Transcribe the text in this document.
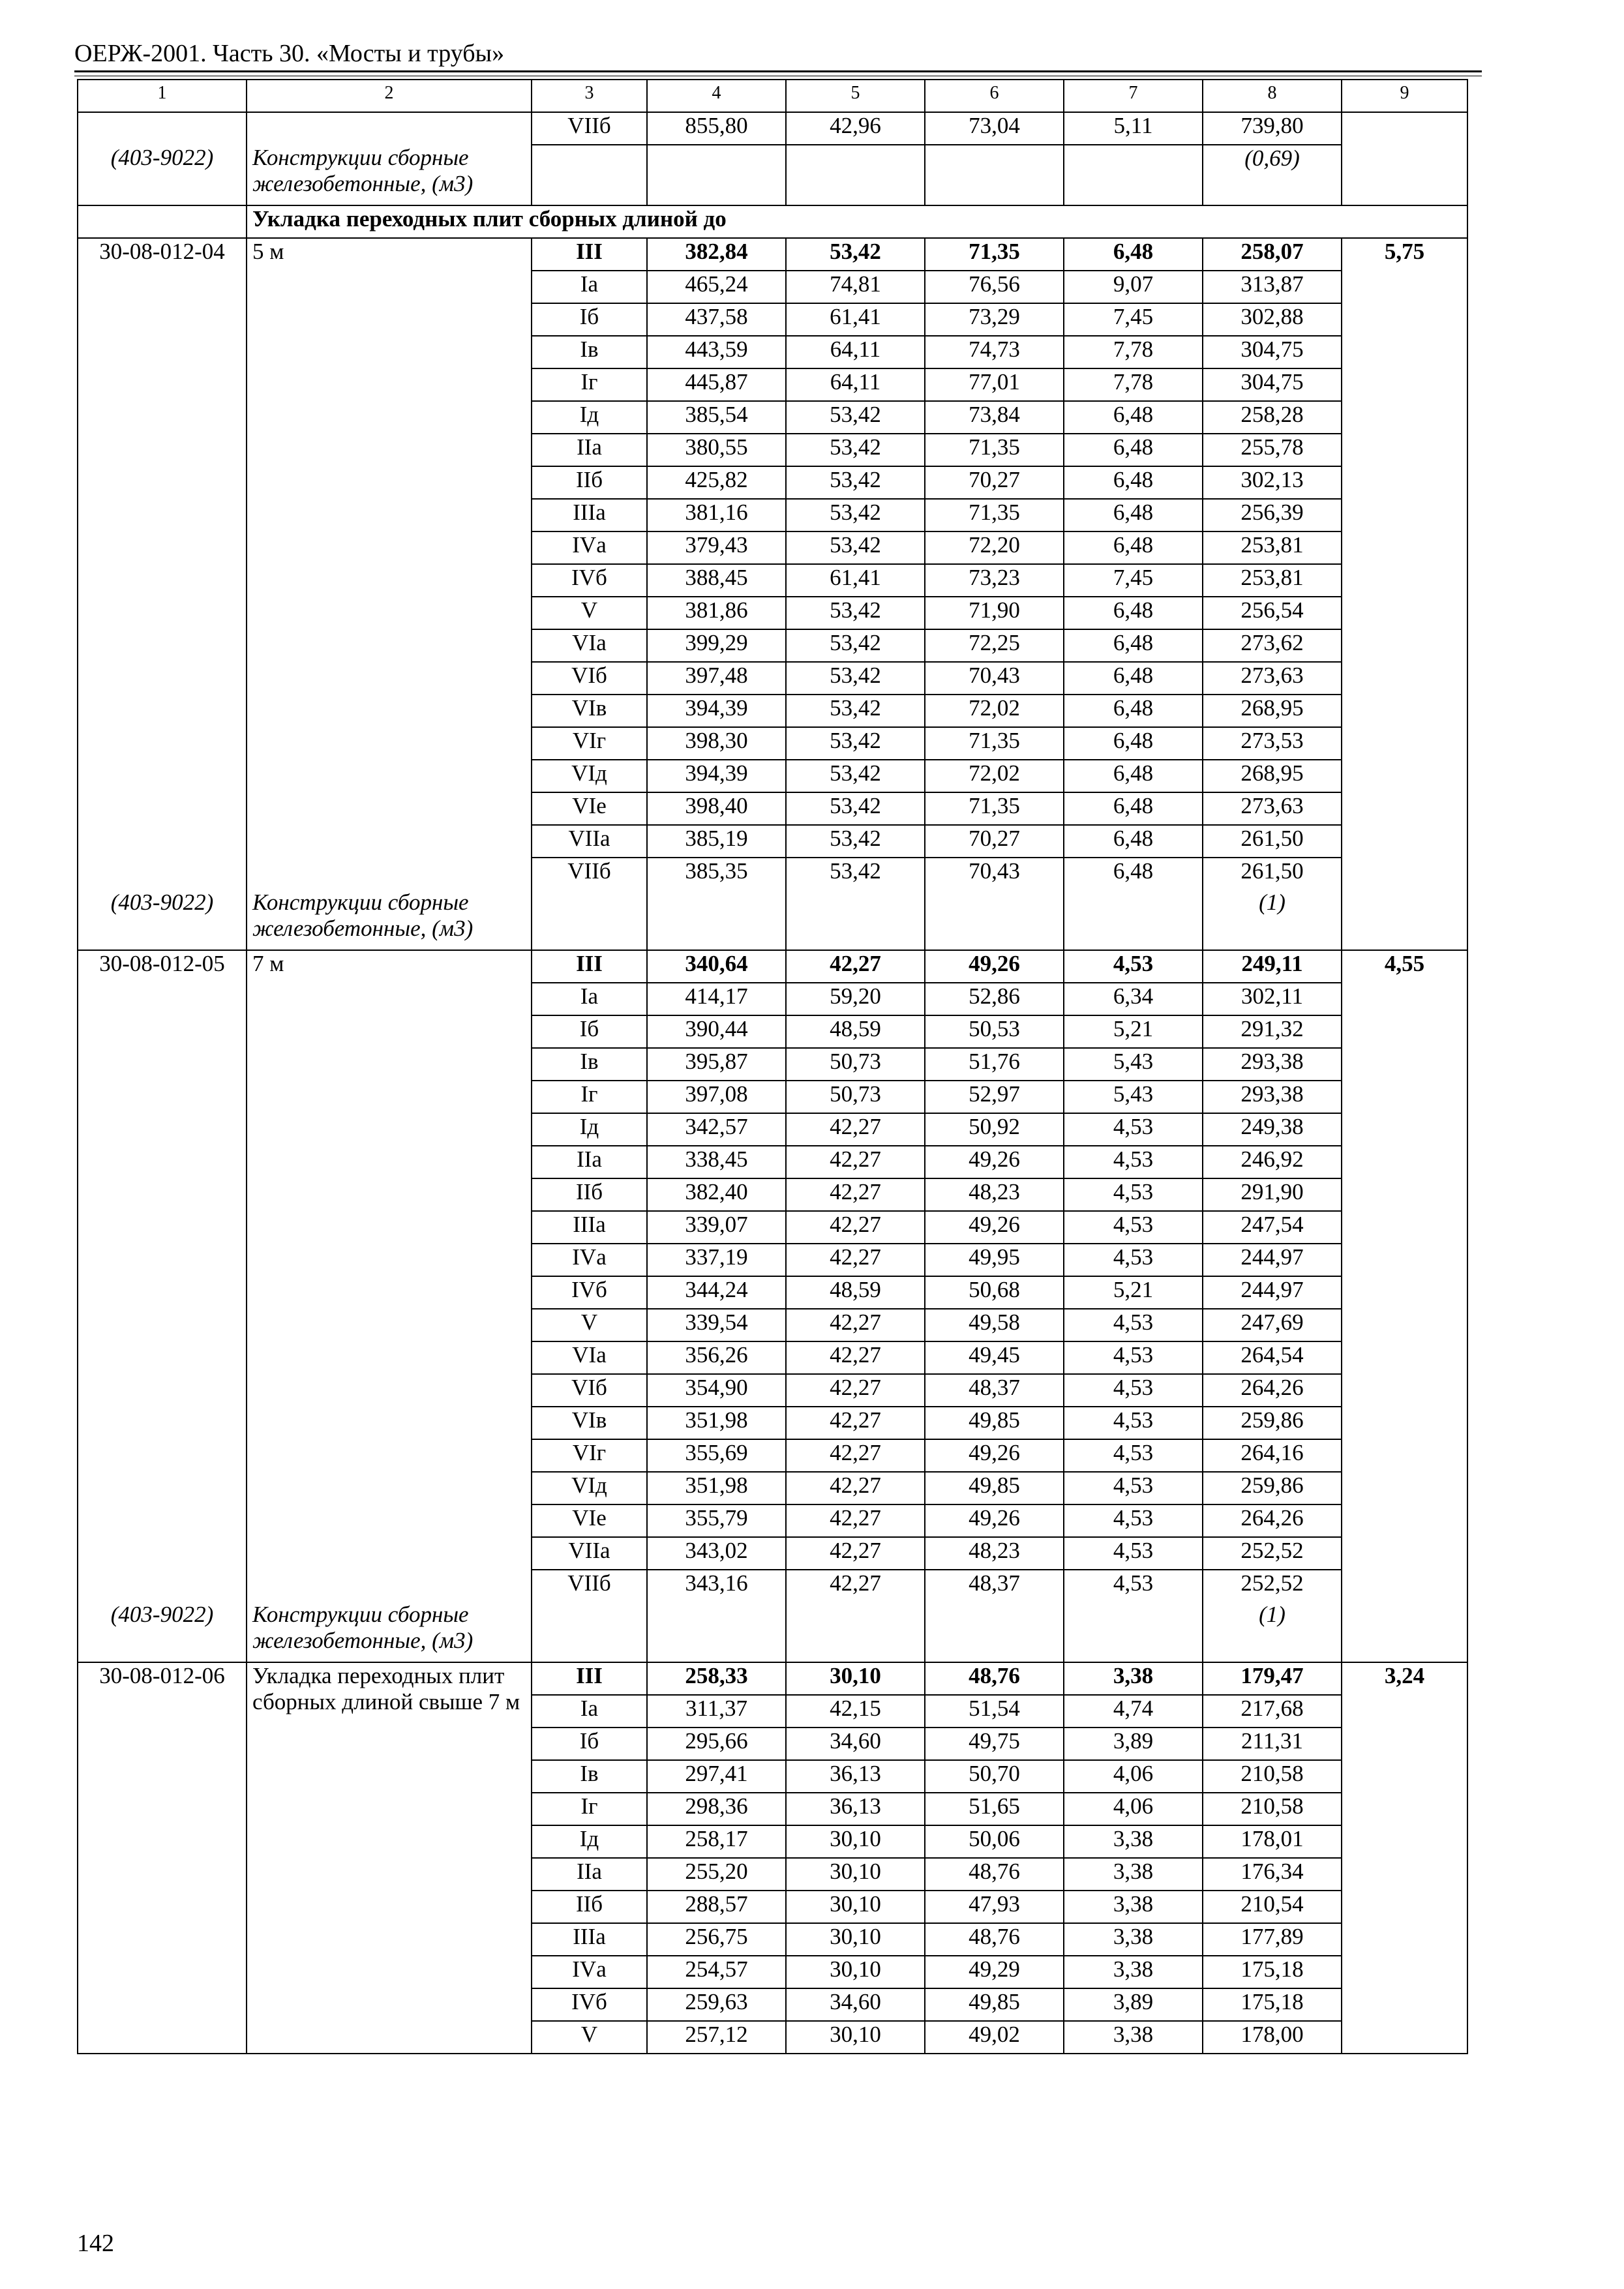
ОЕРЖ-2001. Часть 30. «Мосты и трубы»
1	2	3	4	5	6	7	8	9
		VIIб	855,80	42,96	73,04	5,11	739,80	
(403-9022)	Конструкции сборные железобетонные, (м3)						(0,69)	
	Укладка переходных плит сборных длиной до							
30-08-012-04	5 м	III	382,84	53,42	71,35	6,48	258,07	5,75
		Iа	465,24	74,81	76,56	9,07	313,87	
		Iб	437,58	61,41	73,29	7,45	302,88	
		Iв	443,59	64,11	74,73	7,78	304,75	
		Iг	445,87	64,11	77,01	7,78	304,75	
		Iд	385,54	53,42	73,84	6,48	258,28	
		IIа	380,55	53,42	71,35	6,48	255,78	
		IIб	425,82	53,42	70,27	6,48	302,13	
		IIIа	381,16	53,42	71,35	6,48	256,39	
		IVа	379,43	53,42	72,20	6,48	253,81	
		IVб	388,45	61,41	73,23	7,45	253,81	
		V	381,86	53,42	71,90	6,48	256,54	
		VIа	399,29	53,42	72,25	6,48	273,62	
		VIб	397,48	53,42	70,43	6,48	273,63	
		VIв	394,39	53,42	72,02	6,48	268,95	
		VIг	398,30	53,42	71,35	6,48	273,53	
		VIд	394,39	53,42	72,02	6,48	268,95	
		VIе	398,40	53,42	71,35	6,48	273,63	
		VIIа	385,19	53,42	70,27	6,48	261,50	
		VIIб	385,35	53,42	70,43	6,48	261,50	
(403-9022)	Конструкции сборные железобетонные, (м3)						(1)	
30-08-012-05	7 м	III	340,64	42,27	49,26	4,53	249,11	4,55
		Iа	414,17	59,20	52,86	6,34	302,11	
		Iб	390,44	48,59	50,53	5,21	291,32	
		Iв	395,87	50,73	51,76	5,43	293,38	
		Iг	397,08	50,73	52,97	5,43	293,38	
		Iд	342,57	42,27	50,92	4,53	249,38	
		IIа	338,45	42,27	49,26	4,53	246,92	
		IIб	382,40	42,27	48,23	4,53	291,90	
		IIIа	339,07	42,27	49,26	4,53	247,54	
		IVа	337,19	42,27	49,95	4,53	244,97	
		IVб	344,24	48,59	50,68	5,21	244,97	
		V	339,54	42,27	49,58	4,53	247,69	
		VIа	356,26	42,27	49,45	4,53	264,54	
		VIб	354,90	42,27	48,37	4,53	264,26	
		VIв	351,98	42,27	49,85	4,53	259,86	
		VIг	355,69	42,27	49,26	4,53	264,16	
		VIд	351,98	42,27	49,85	4,53	259,86	
		VIе	355,79	42,27	49,26	4,53	264,26	
		VIIа	343,02	42,27	48,23	4,53	252,52	
		VIIб	343,16	42,27	48,37	4,53	252,52	
(403-9022)	Конструкции сборные железобетонные, (м3)						(1)	
30-08-012-06	Укладка переходных плит сборных длиной свыше 7 м	III	258,33	30,10	48,76	3,38	179,47	3,24
		Iа	311,37	42,15	51,54	4,74	217,68	
		Iб	295,66	34,60	49,75	3,89	211,31	
		Iв	297,41	36,13	50,70	4,06	210,58	
		Iг	298,36	36,13	51,65	4,06	210,58	
		Iд	258,17	30,10	50,06	3,38	178,01	
		IIа	255,20	30,10	48,76	3,38	176,34	
		IIб	288,57	30,10	47,93	3,38	210,54	
		IIIа	256,75	30,10	48,76	3,38	177,89	
		IVа	254,57	30,10	49,29	3,38	175,18	
		IVб	259,63	34,60	49,85	3,89	175,18	
		V	257,12	30,10	49,02	3,38	178,00	
142
